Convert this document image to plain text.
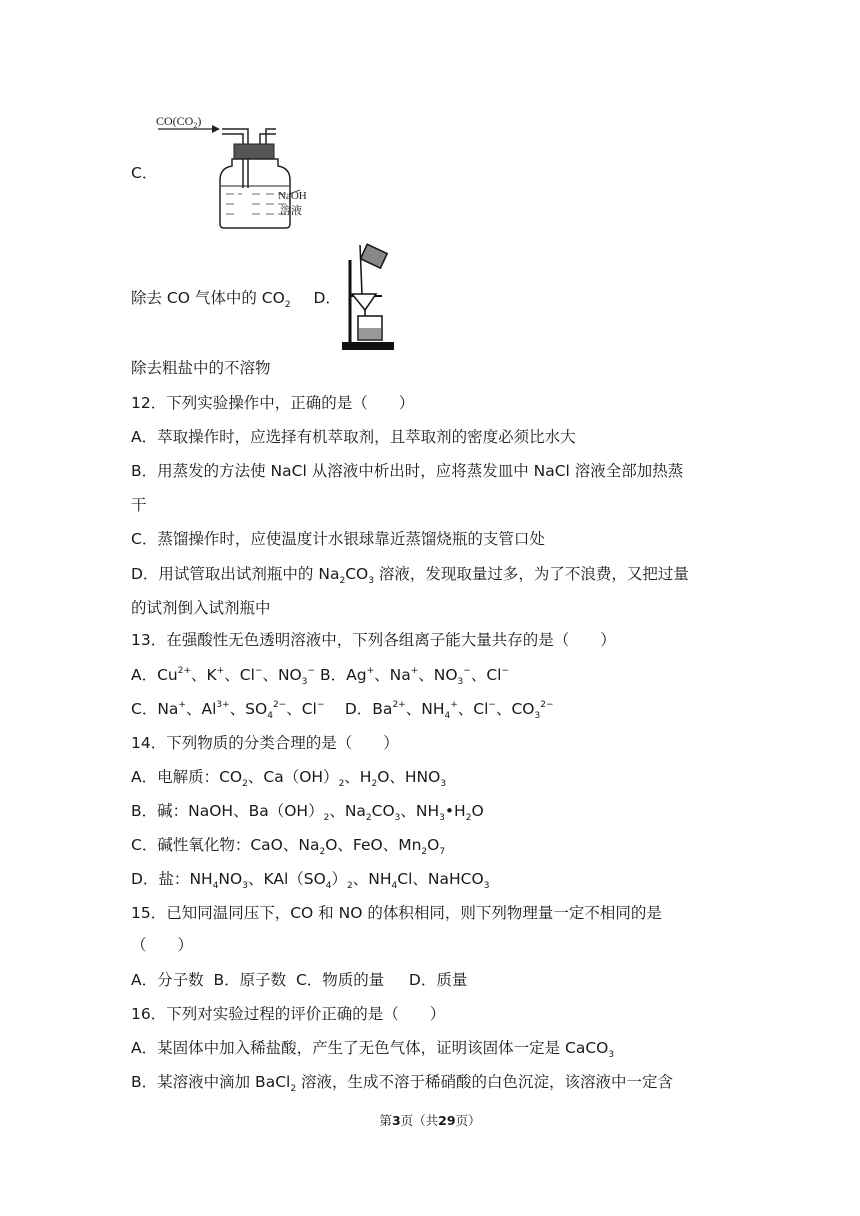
$CO(CO_2)$
NaOH
溶液
C．
除去 CO 气体中的 $CO_2$ D．
除去粗盐中的不溶物
12．下列实验操作中，正确的是（　　）
A．萃取操作时，应选择有机萃取剂，且萃取剂的密度必须比水大
B．用蒸发的方法使 NaCl 从溶液中析出时，应将蒸发皿中 NaCl 溶液全部加热蒸
干
C．蒸馏操作时，应使温度计水银球靠近蒸馏烧瓶的支管口处
D．用试管取出试剂瓶中的 $Na_2CO_3$ 溶液，发现取量过多，为了不浪费，又把过量
的试剂倒入试剂瓶中
13．在强酸性无色透明溶液中，下列各组离子能大量共存的是（　　）
A．$Cu^{2+}$、K+、Cl−、$NO_3^-$ B．Ag+、Na+、$NO_3^-$、Cl−
C．Na+、$Al^{3+}$、$SO_4^{2-}$、Cl−　 D．$Ba^{2+}$、$NH_4^+$、Cl−、$CO_3^{2-}$
14．下列物质的分类合理的是（　　）
A．电解质：$CO_2$、$Ca(OH)_2$、$H_2O$、$HNO_3$
B．碱：NaOH、$Ba(OH)_2$、$Na_2CO_3$、$NH_3•H_2O$
C．碱性氧化物：CaO、$Na_2O$、FeO、$Mn_2O_7$
D．盐：$NH_4NO_3$、$KAl(SO_4)_2$、$NH_4Cl$、NaHCO$_3$
15．已知同温同压下，CO 和 NO 的体积相同，则下列物理量一定不相同的是
（　　）
A．分子数  B．原子数  C．物质的量     D．质量
16．下列对实验过程的评价正确的是（　　）
A．某固体中加入稀盐酸，产生了无色气体，证明该固体一定是 CaCO$_3$
B．某溶液中滴加 BaCl$_2$ 溶液，生成不溶于稀硝酸的白色沉淀，该溶液中一定含
第3页（共29页）
